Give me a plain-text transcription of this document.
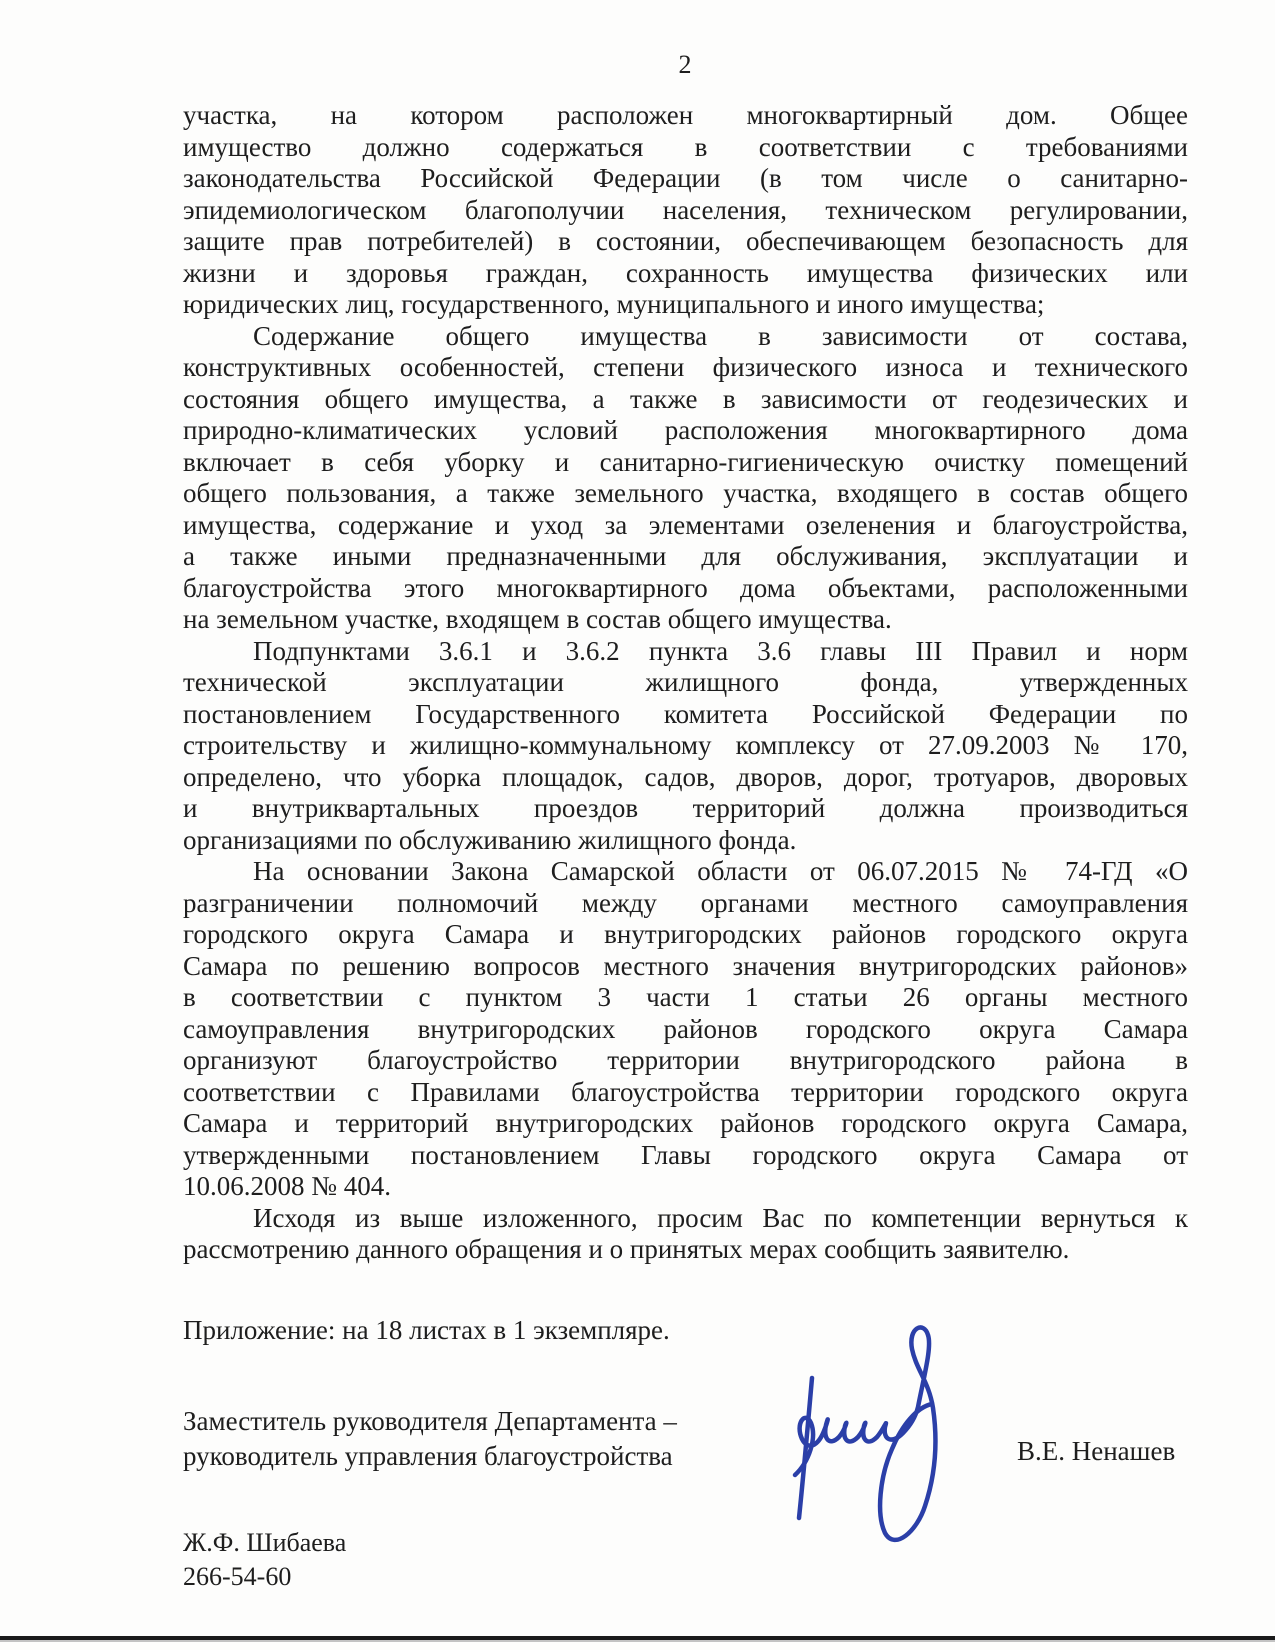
2
участка, на котором расположен многоквартирный дом. Общее
имущество должно содержаться в соответствии с требованиями
законодательства Российской Федерации (в том числе о санитарно-
эпидемиологическом благополучии населения, техническом регулировании,
защите прав потребителей) в состоянии, обеспечивающем безопасность для
жизни и здоровья граждан, сохранность имущества физических или
юридических лиц, государственного, муниципального и иного имущества;
Содержание общего имущества в зависимости от состава,
конструктивных особенностей, степени физического износа и технического
состояния общего имущества, а также в зависимости от геодезических и
природно-климатических условий расположения многоквартирного дома
включает в себя уборку и санитарно-гигиеническую очистку помещений
общего пользования, а также земельного участка, входящего в состав общего
имущества, содержание и уход за элементами озеленения и благоустройства,
а также иными предназначенными для обслуживания, эксплуатации и
благоустройства этого многоквартирного дома объектами, расположенными
на земельном участке, входящем в состав общего имущества.
Подпунктами 3.6.1 и 3.6.2 пункта 3.6 главы III Правил и норм
технической эксплуатации жилищного фонда, утвержденных
постановлением Государственного комитета Российской Федерации по
строительству и жилищно-коммунальному комплексу от 27.09.2003 № 170,
определено, что уборка площадок, садов, дворов, дорог, тротуаров, дворовых
и внутриквартальных проездов территорий должна производиться
организациями по обслуживанию жилищного фонда.
На основании Закона Самарской области от 06.07.2015 № 74-ГД «О
разграничении полномочий между органами местного самоуправления
городского округа Самара и внутригородских районов городского округа
Самара по решению вопросов местного значения внутригородских районов»
в соответствии с пунктом 3 части 1 статьи 26 органы местного
самоуправления внутригородских районов городского округа Самара
организуют благоустройство территории внутригородского района в
соответствии с Правилами благоустройства территории городского округа
Самара и территорий внутригородских районов городского округа Самара,
утвержденными постановлением Главы городского округа Самара от
10.06.2008 № 404.
Исходя из выше изложенного, просим Вас по компетенции вернуться к
рассмотрению данного обращения и о принятых мерах сообщить заявителю.
Приложение: на 18 листах в 1 экземпляре.
Заместитель руководителя Департамента –
руководитель управления благоустройства	В.Е. Ненашев
Ж.Ф. Шибаева
266-54-60
